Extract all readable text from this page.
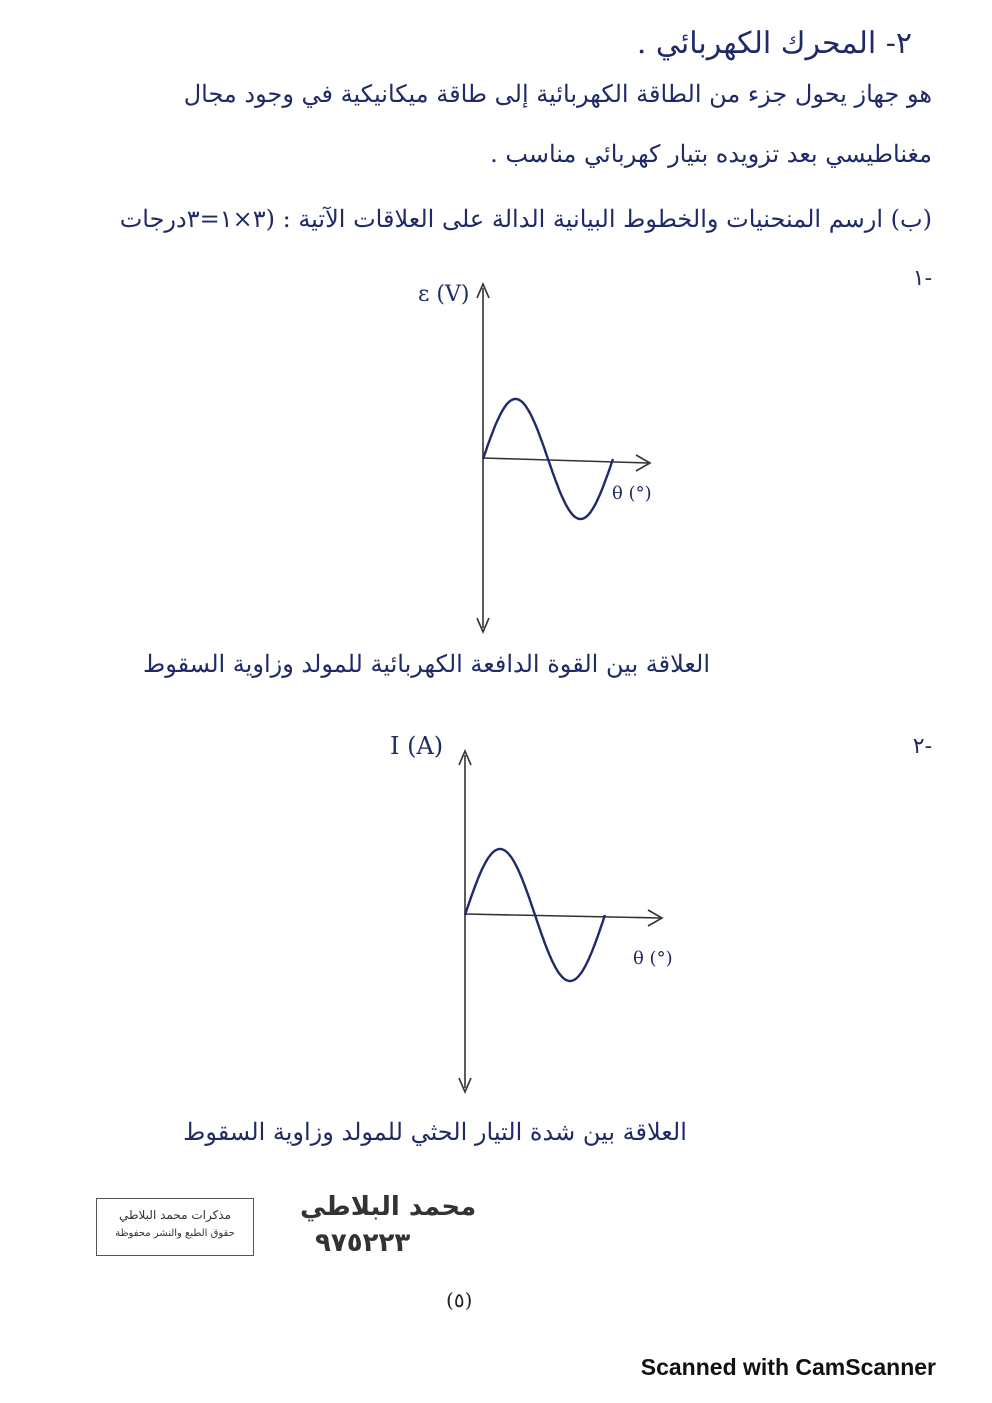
٢- المحرك الكهربائي .
هو جهاز يحول جزء من الطاقة الكهربائية إلى طاقة ميكانيكية في وجود مجال
مغناطيسي بعد تزويده بتيار كهربائي مناسب .
(ب) ارسم المنحنيات والخطوط البيانية الدالة على العلاقات الآتية : (٣×١=٣درجات
-١
ε (V)
θ (°)
العلاقة بين القوة الدافعة الكهربائية للمولد وزاوية السقوط
-٢
I (A)
θ (°)
العلاقة بين شدة التيار الحثي للمولد وزاوية السقوط
مذكرات محمد البلاطي
حقوق الطبع والنشر محفوظة
محمد البلاطي
٩٧٥٢٢٣
(٥)
Scanned with CamScanner
